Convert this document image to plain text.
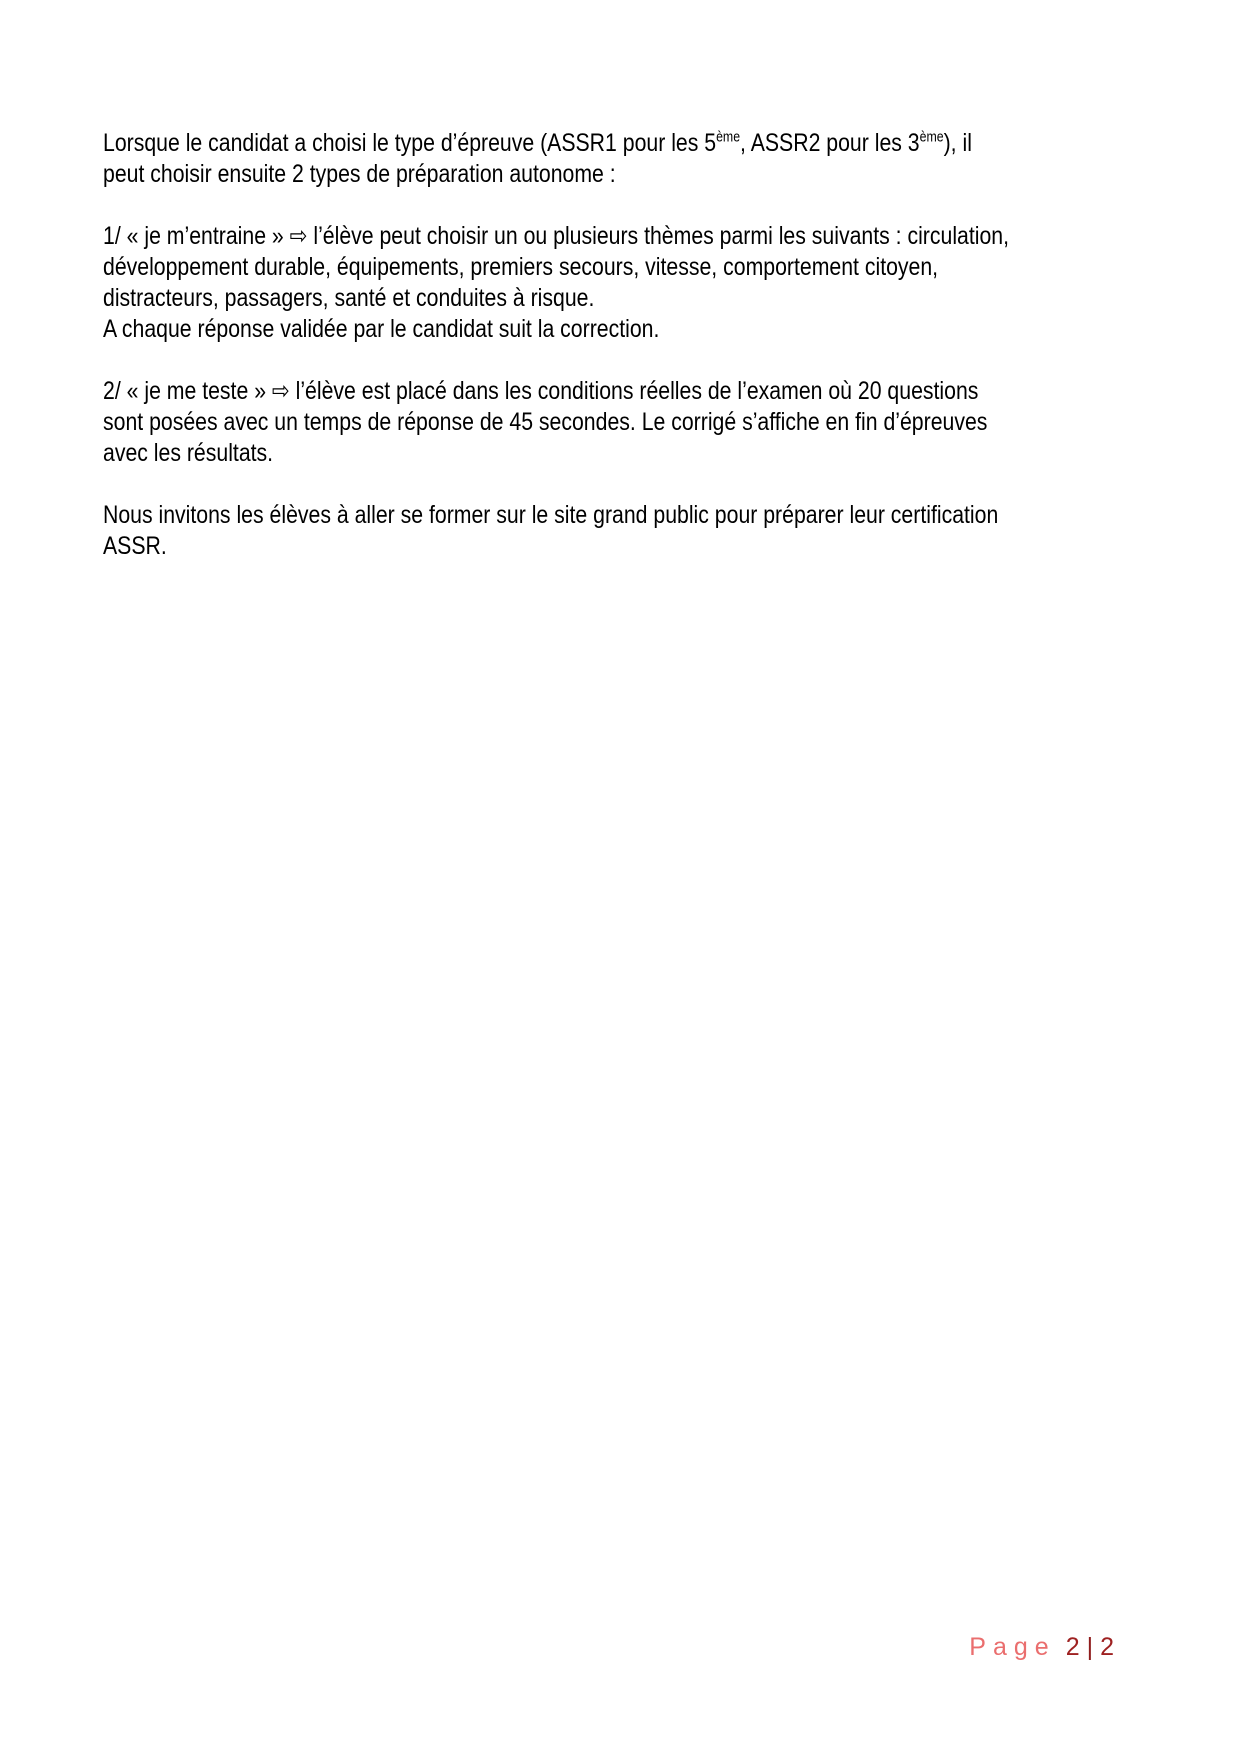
Lorsque le candidat a choisi le type d’épreuve (ASSR1 pour les 5ème, ASSR2 pour les 3ème), il
peut choisir ensuite 2 types de préparation autonome :

1/ « je m’entraine » ⇨ l’élève peut choisir un ou plusieurs thèmes parmi les suivants : circulation,
développement durable, équipements, premiers secours, vitesse, comportement citoyen,
distracteurs, passagers, santé et conduites à risque.
A chaque réponse validée par le candidat suit la correction.

2/ « je me teste » ⇨ l’élève est placé dans les conditions réelles de l’examen où 20 questions
sont posées avec un temps de réponse de 45 secondes. Le corrigé s’affiche en fin d’épreuves
avec les résultats.

Nous invitons les élèves à aller se former sur le site grand public pour préparer leur certification
ASSR.

Page 2 | 2
